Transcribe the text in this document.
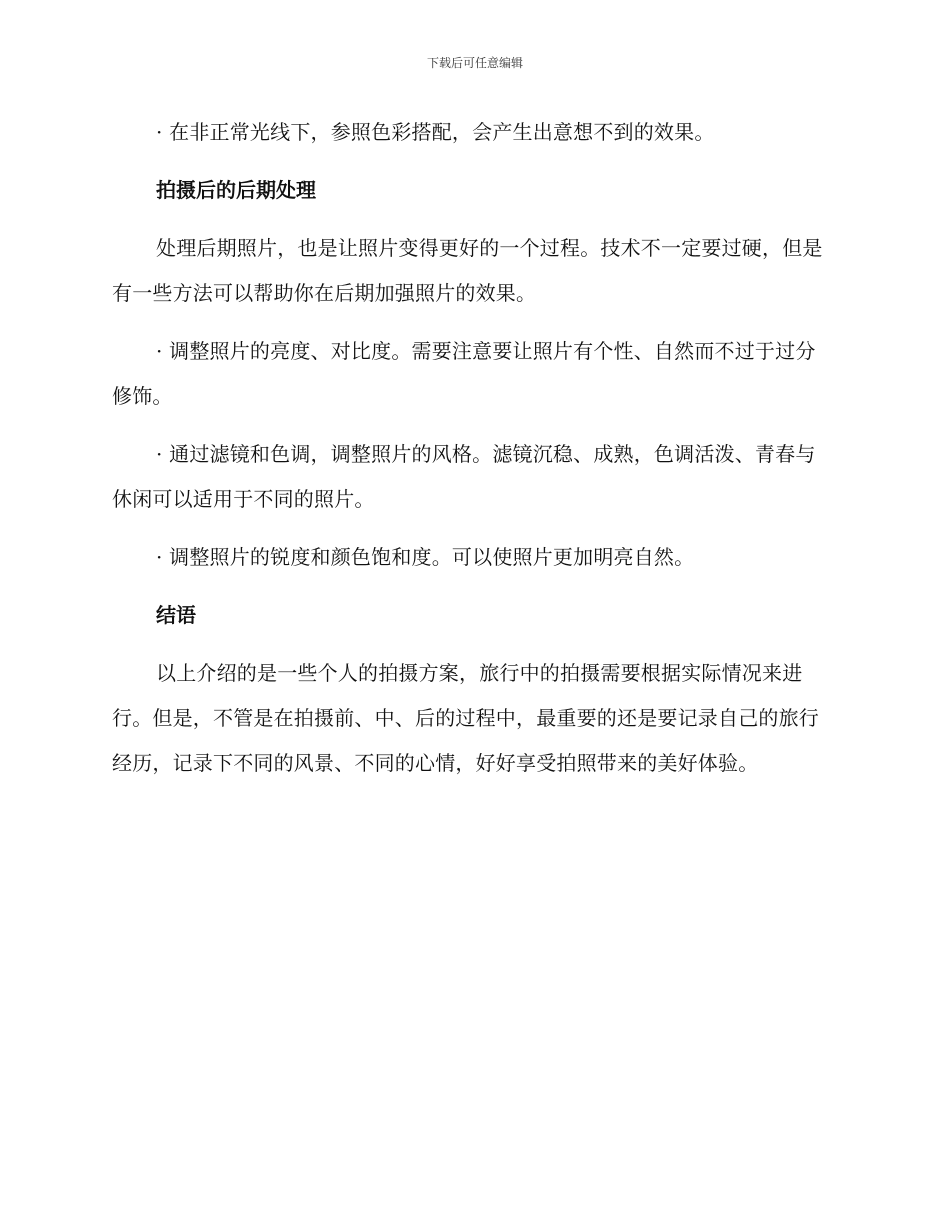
下载后可任意编辑

· 在非正常光线下，参照色彩搭配，会产生出意想不到的效果。

拍摄后的后期处理

处理后期照片，也是让照片变得更好的一个过程。技术不一定要过硬，但是有一些方法可以帮助你在后期加强照片的效果。

· 调整照片的亮度、对比度。需要注意要让照片有个性、自然而不过于过分修饰。

· 通过滤镜和色调，调整照片的风格。滤镜沉稳、成熟，色调活泼、青春与休闲可以适用于不同的照片。

· 调整照片的锐度和颜色饱和度。可以使照片更加明亮自然。

结语

以上介绍的是一些个人的拍摄方案，旅行中的拍摄需要根据实际情况来进行。但是，不管是在拍摄前、中、后的过程中，最重要的还是要记录自己的旅行经历，记录下不同的风景、不同的心情，好好享受拍照带来的美好体验。
